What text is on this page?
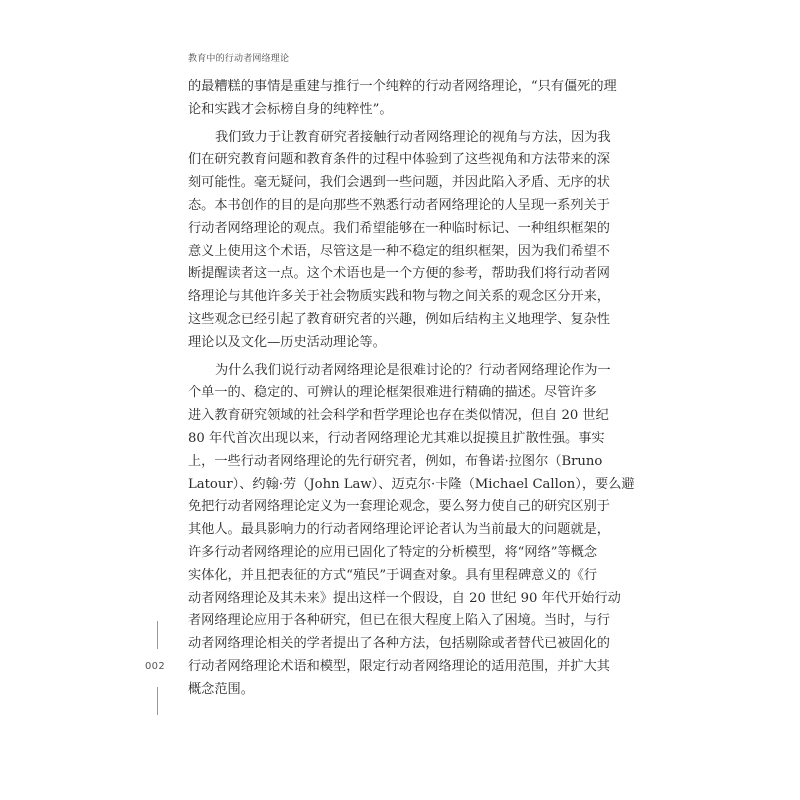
教育中的行动者网络理论
的最糟糕的事情是重建与推行一个纯粹的行动者网络理论，“只有僵死的理
论和实践才会标榜自身的纯粹性”。
我们致力于让教育研究者接触行动者网络理论的视角与方法，因为我
们在研究教育问题和教育条件的过程中体验到了这些视角和方法带来的深
刻可能性。毫无疑问，我们会遇到一些问题，并因此陷入矛盾、无序的状
态。本书创作的目的是向那些不熟悉行动者网络理论的人呈现一系列关于
行动者网络理论的观点。我们希望能够在一种临时标记、一种组织框架的
意义上使用这个术语，尽管这是一种不稳定的组织框架，因为我们希望不
断提醒读者这一点。这个术语也是一个方便的参考，帮助我们将行动者网
络理论与其他许多关于社会物质实践和物与物之间关系的观念区分开来，
这些观念已经引起了教育研究者的兴趣，例如后结构主义地理学、复杂性
理论以及文化—历史活动理论等。
为什么我们说行动者网络理论是很难讨论的？行动者网络理论作为一
个单一的、稳定的、可辨认的理论框架很难进行精确的描述。尽管许多
进入教育研究领域的社会科学和哲学理论也存在类似情况，但自 20 世纪
80 年代首次出现以来，行动者网络理论尤其难以捉摸且扩散性强。事实
上，一些行动者网络理论的先行研究者，例如，布鲁诺·拉图尔（Bruno
Latour）、约翰·劳（John Law）、迈克尔·卡隆（Michael Callon），要么避
免把行动者网络理论定义为一套理论观念，要么努力使自己的研究区别于
其他人。最具影响力的行动者网络理论评论者认为当前最大的问题就是，
许多行动者网络理论的应用已固化了特定的分析模型，将“网络”等概念
实体化，并且把表征的方式“殖民”于调查对象。具有里程碑意义的《行
动者网络理论及其未来》提出这样一个假设，自 20 世纪 90 年代开始行动
者网络理论应用于各种研究，但已在很大程度上陷入了困境。当时，与行
动者网络理论相关的学者提出了各种方法，包括剔除或者替代已被固化的
行动者网络理论术语和模型，限定行动者网络理论的适用范围，并扩大其
概念范围。
002
